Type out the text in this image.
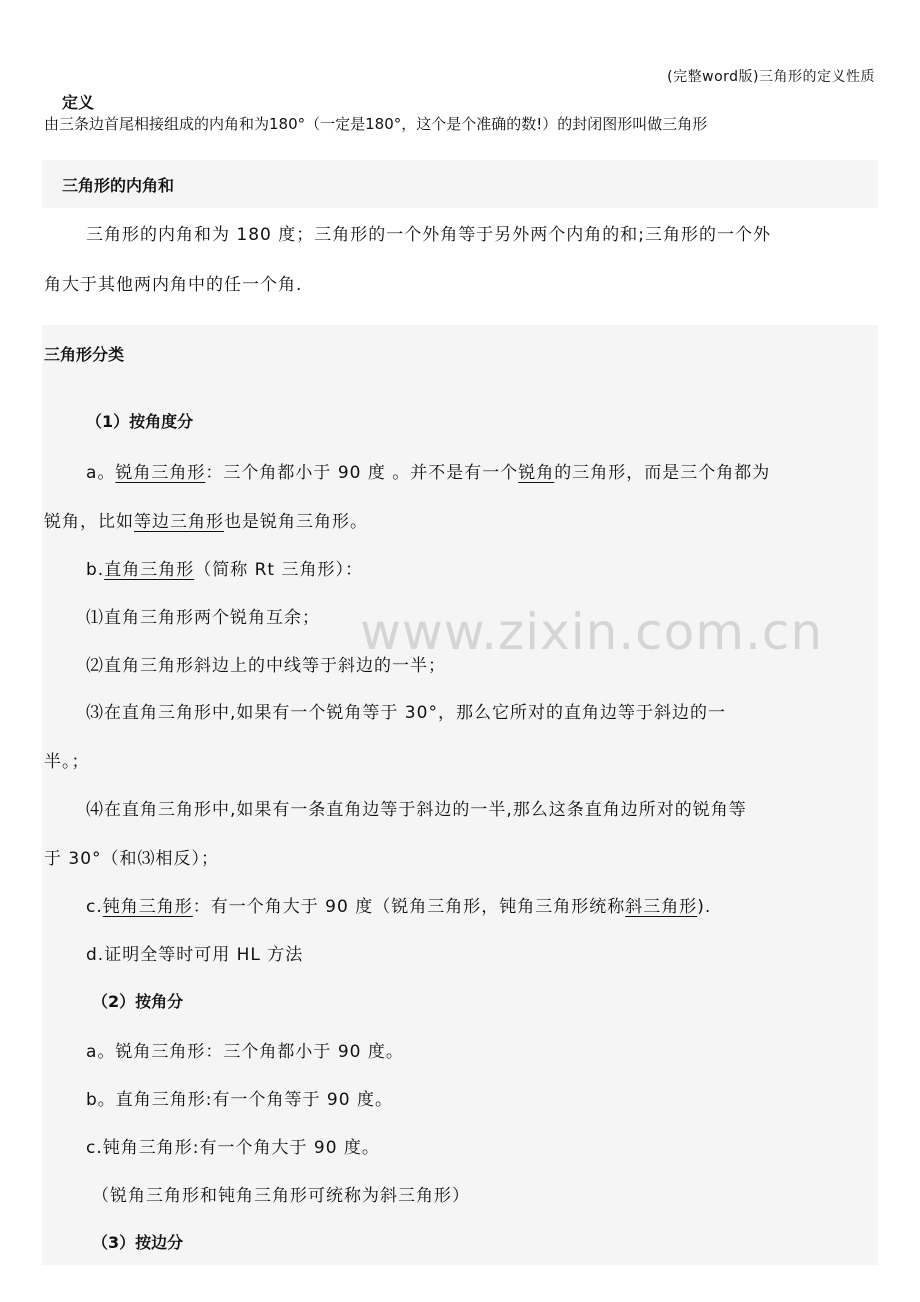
(完整word版)三角形的定义性质
定义
由三条边首尾相接组成的内角和为180°（一定是180°，这个是个准确的数!）的封闭图形叫做三角形
三角形的内角和
三角形的内角和为 180 度；三角形的一个外角等于另外两个内角的和;三角形的一个外
角大于其他两内角中的任一个角.
三角形分类
（1）按角度分
a。锐角三角形：三个角都小于 90 度 。并不是有一个锐角的三角形，而是三个角都为
锐角，比如等边三角形也是锐角三角形。
b.直角三角形（简称 Rt 三角形）：
⑴直角三角形两个锐角互余；
⑵直角三角形斜边上的中线等于斜边的一半；
⑶在直角三角形中,如果有一个锐角等于 30°，那么它所对的直角边等于斜边的一
半。；
⑷在直角三角形中,如果有一条直角边等于斜边的一半,那么这条直角边所对的锐角等
于 30°（和⑶相反）；
c.钝角三角形：有一个角大于 90 度（锐角三角形，钝角三角形统称斜三角形).
d.证明全等时可用 HL 方法
（2）按角分
a。锐角三角形：三个角都小于 90 度。
b。直角三角形:有一个角等于 90 度。
c.钝角三角形:有一个角大于 90 度。
（锐角三角形和钝角三角形可统称为斜三角形）
（3）按边分
www.zixin.com.cn
